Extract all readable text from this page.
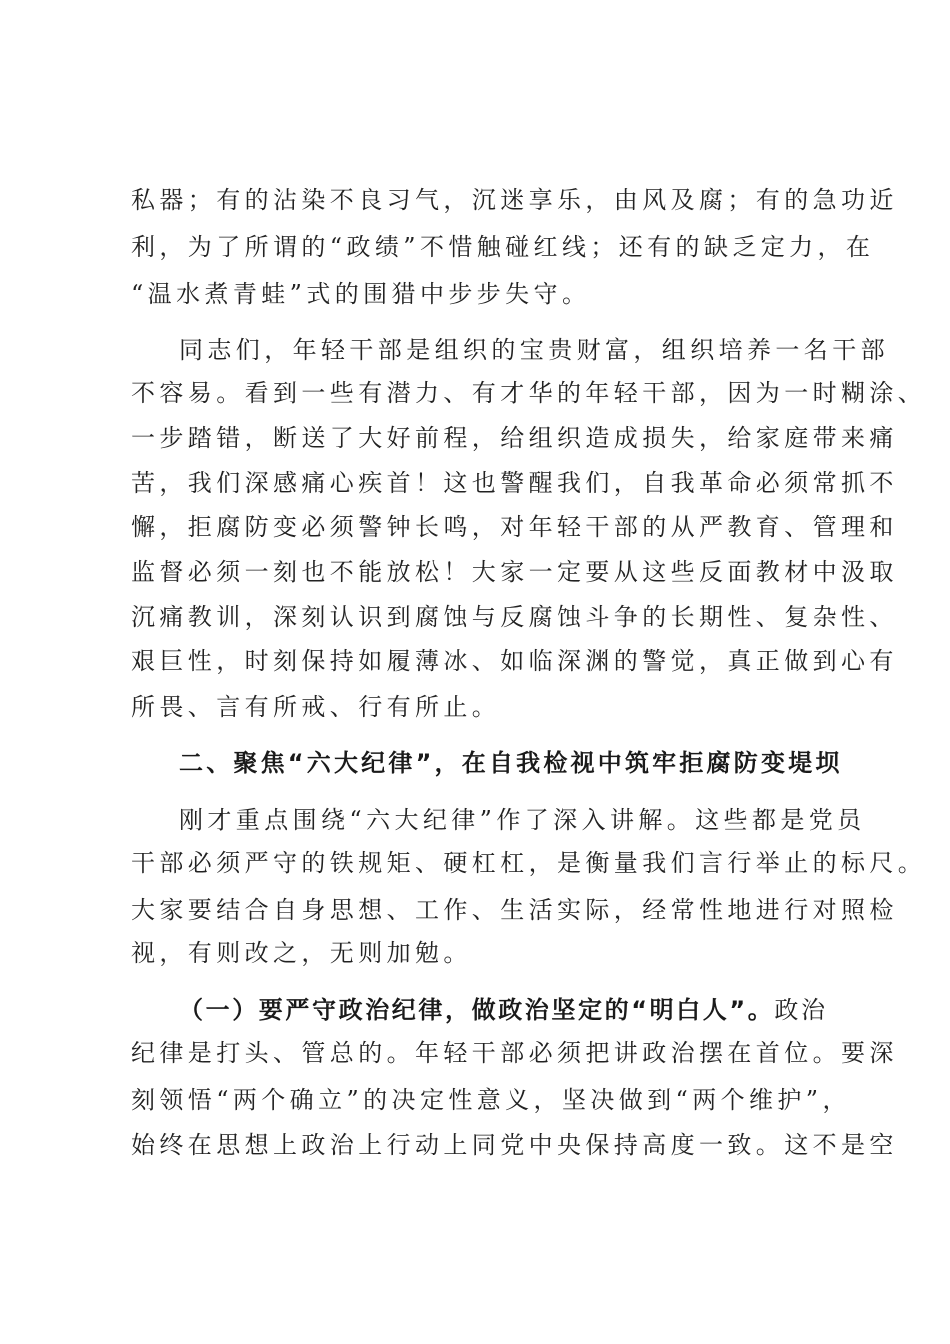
私器；有的沾染不良习气，沉迷享乐，由风及腐；有的急功近
利，为了所谓的“政绩”不惜触碰红线；还有的缺乏定力，在
“温水煮青蛙”式的围猎中步步失守。
同志们，年轻干部是组织的宝贵财富，组织培养一名干部
不容易。看到一些有潜力、有才华的年轻干部，因为一时糊涂、
一步踏错，断送了大好前程，给组织造成损失，给家庭带来痛
苦，我们深感痛心疾首！这也警醒我们，自我革命必须常抓不
懈，拒腐防变必须警钟长鸣，对年轻干部的从严教育、管理和
监督必须一刻也不能放松！大家一定要从这些反面教材中汲取
沉痛教训，深刻认识到腐蚀与反腐蚀斗争的长期性、复杂性、
艰巨性，时刻保持如履薄冰、如临深渊的警觉，真正做到心有
所畏、言有所戒、行有所止。
二、聚焦“六大纪律”，在自我检视中筑牢拒腐防变堤坝
刚才重点围绕“六大纪律”作了深入讲解。这些都是党员
干部必须严守的铁规矩、硬杠杠，是衡量我们言行举止的标尺。
大家要结合自身思想、工作、生活实际，经常性地进行对照检
视，有则改之，无则加勉。
（一）要严守政治纪律，做政治坚定的“明白人”。政治
纪律是打头、管总的。年轻干部必须把讲政治摆在首位。要深
刻领悟“两个确立”的决定性意义，坚决做到“两个维护”，
始终在思想上政治上行动上同党中央保持高度一致。这不是空
